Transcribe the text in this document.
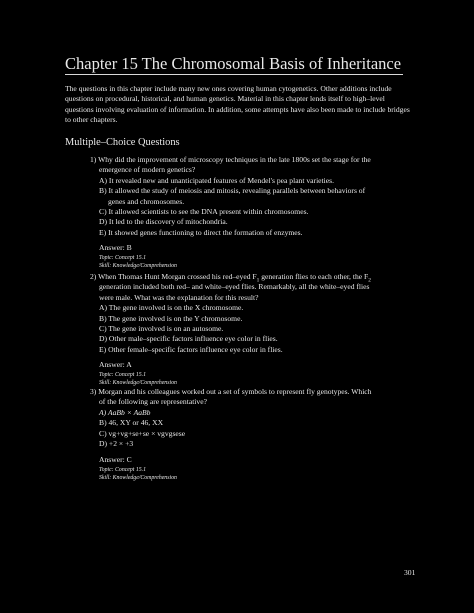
Chapter 15 The Chromosomal Basis of Inheritance
The questions in this chapter include many new ones covering human cytogenetics. Other additions include questions on procedural, historical, and human genetics. Material in this chapter lends itself to high–level questions involving evaluation of information. In addition, some attempts have also been made to include bridges to other chapters.
Multiple–Choice Questions
1) Why did the improvement of microscopy techniques in the late 1800s set the stage for the
emergence of modern genetics?
A) It revealed new and unanticipated features of Mendel's pea plant varieties.
B) It allowed the study of meiosis and mitosis, revealing parallels between behaviors of
genes and chromosomes.
C) It allowed scientists to see the DNA present within chromosomes.
D) It led to the discovery of mitochondria.
E) It showed genes functioning to direct the formation of enzymes.
Answer: B
Topic: Concept 15.1
Skill: Knowledge/Comprehension
2) When Thomas Hunt Morgan crossed his red–eyed $F_1$ generation flies to each other, the $F_2$
generation included both red– and white–eyed flies. Remarkably, all the white–eyed flies
were male. What was the explanation for this result?
A) The gene involved is on the X chromosome.
B) The gene involved is on the Y chromosome.
C) The gene involved is on an autosome.
D) Other male–specific factors influence eye color in flies.
E) Other female–specific factors influence eye color in flies.
Answer: A
Topic: Concept 15.1
Skill: Knowledge/Comprehension
3) Morgan and his colleagues worked out a set of symbols to represent fly genotypes. Which
of the following are representative?
A) AaBb × AaBb
B) 46, XY or 46, XX
C) vg+vg+se+se × vgvgsese
D) +2 × +3
Answer: C
Topic: Concept 15.1
Skill: Knowledge/Comprehension
301
